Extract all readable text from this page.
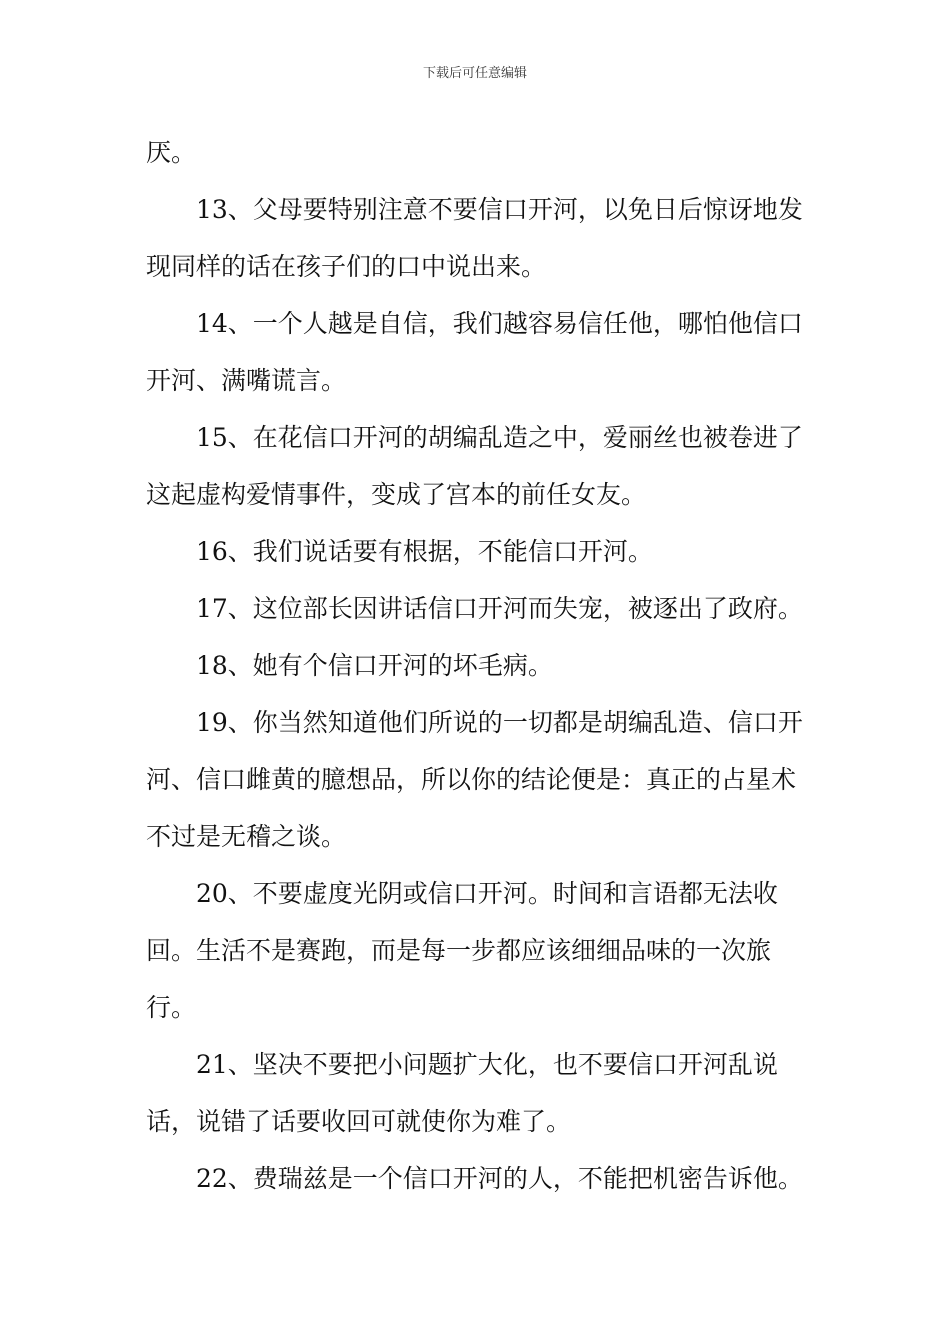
下载后可任意编辑

厌。

13、父母要特别注意不要信口开河，以免日后惊讶地发现同样的话在孩子们的口中说出来。

14、一个人越是自信，我们越容易信任他，哪怕他信口开河、满嘴谎言。

15、在花信口开河的胡编乱造之中，爱丽丝也被卷进了这起虚构爱情事件，变成了宫本的前任女友。

16、我们说话要有根据，不能信口开河。

17、这位部长因讲话信口开河而失宠，被逐出了政府。

18、她有个信口开河的坏毛病。

19、你当然知道他们所说的一切都是胡编乱造、信口开河、信口雌黄的臆想品，所以你的结论便是：真正的占星术不过是无稽之谈。

20、不要虚度光阴或信口开河。时间和言语都无法收回。生活不是赛跑，而是每一步都应该细细品味的一次旅行。

21、坚决不要把小问题扩大化，也不要信口开河乱说话，说错了话要收回可就使你为难了。

22、费瑞兹是一个信口开河的人，不能把机密告诉他。
